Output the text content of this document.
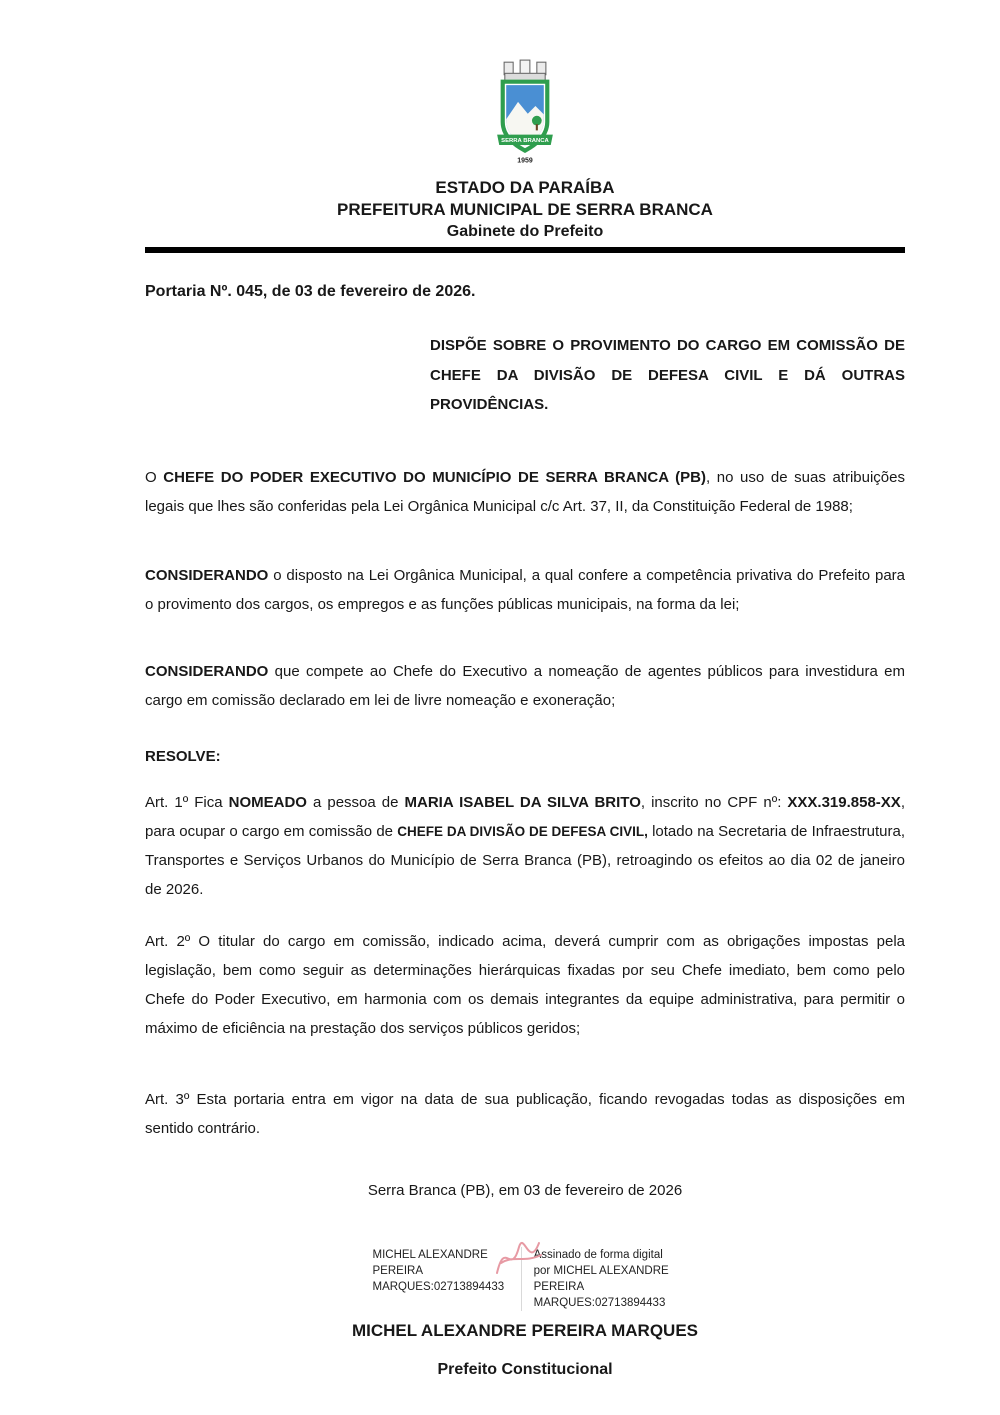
SERRA BRANCA
1959
ESTADO DA PARAÍBA
PREFEITURA MUNICIPAL DE SERRA BRANCA
Gabinete do Prefeito
Portaria Nº. 045, de 03 de fevereiro de 2026.
DISPÕE SOBRE O PROVIMENTO DO CARGO EM COMISSÃO DE CHEFE DA DIVISÃO DE DEFESA CIVIL E DÁ OUTRAS PROVIDÊNCIAS.

O CHEFE DO PODER EXECUTIVO DO MUNICÍPIO DE SERRA BRANCA (PB), no uso de suas atribuições legais que lhes são conferidas pela Lei Orgânica Municipal c/c Art. 37, II, da Constituição Federal de 1988;

CONSIDERANDO o disposto na Lei Orgânica Municipal, a qual confere a competência privativa do Prefeito para o provimento dos cargos, os empregos e as funções públicas municipais, na forma da lei;

CONSIDERANDO que compete ao Chefe do Executivo a nomeação de agentes públicos para investidura em cargo em comissão declarado em lei de livre nomeação e exoneração;

RESOLVE:

Art. 1º Fica NOMEADO a pessoa de MARIA ISABEL DA SILVA BRITO, inscrito no CPF nº: XXX.319.858-XX, para ocupar o cargo em comissão de CHEFE DA DIVISÃO DE DEFESA CIVIL, lotado na Secretaria de Infraestrutura, Transportes e Serviços Urbanos do Município de Serra Branca (PB), retroagindo os efeitos ao dia 02 de janeiro de 2026.

Art. 2º O titular do cargo em comissão, indicado acima, deverá cumprir com as obrigações impostas pela legislação, bem como seguir as determinações hierárquicas fixadas por seu Chefe imediato, bem como pelo Chefe do Poder Executivo, em harmonia com os demais integrantes da equipe administrativa, para permitir o máximo de eficiência na prestação dos serviços públicos geridos;

Art. 3º Esta portaria entra em vigor na data de sua publicação, ficando revogadas todas as disposições em sentido contrário.

Serra Branca (PB), em 03 de fevereiro de 2026
MICHEL ALEXANDRE PEREIRA MARQUES:02713894433
Assinado de forma digital por MICHEL ALEXANDRE PEREIRA MARQUES:02713894433
MICHEL ALEXANDRE PEREIRA MARQUES
Prefeito Constitucional
